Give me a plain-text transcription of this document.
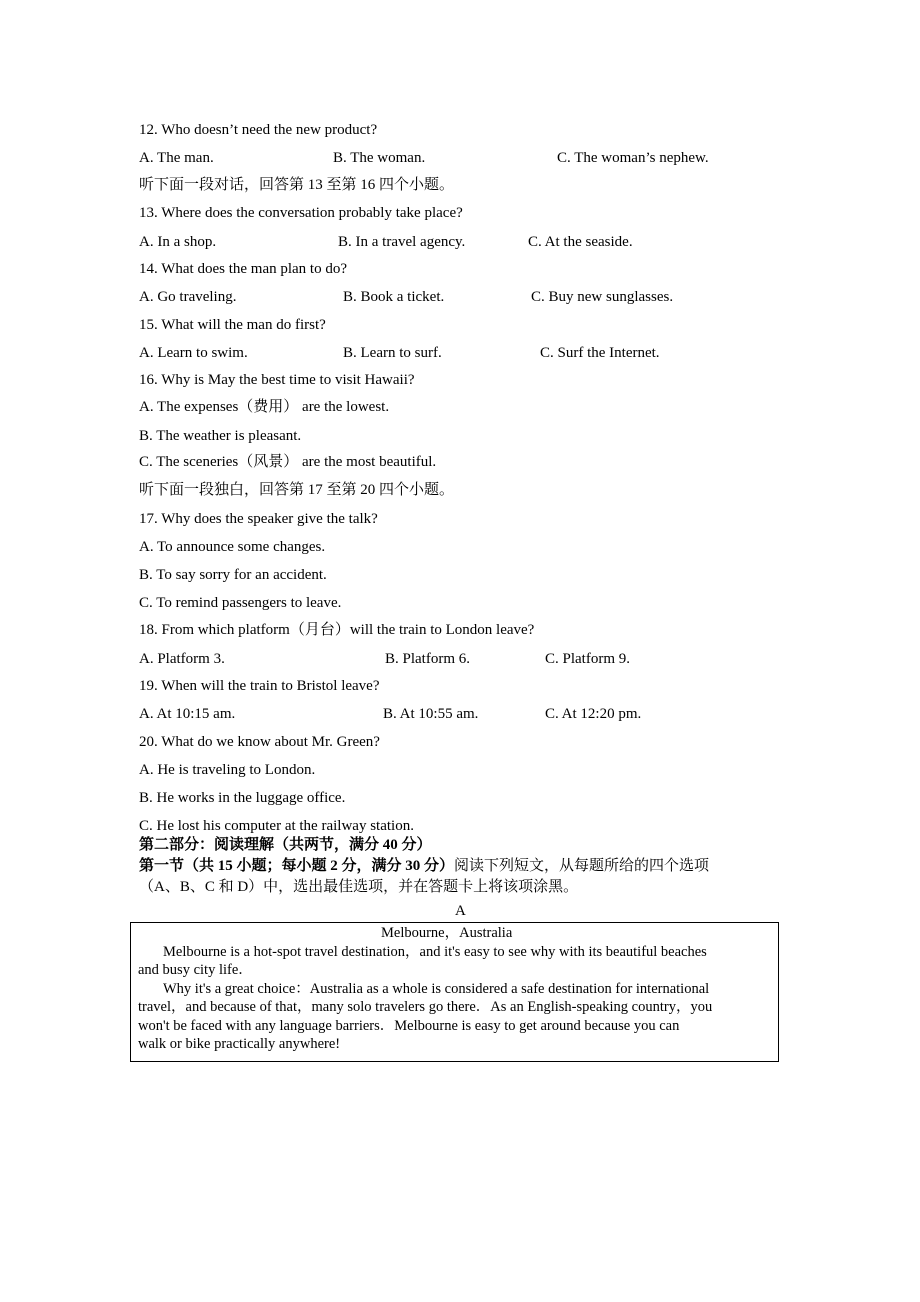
12. Who doesn’t need the new product?
A. The man.	B. The woman.	C. The woman’s nephew.
听下面一段对话，回答第 13 至第 16 四个小题。
13. Where does the conversation probably take place?
A. In a shop.	B. In a travel agency.	C. At the seaside.
14. What does the man plan to do?
A. Go traveling.	B. Book a ticket.	C. Buy new sunglasses.
15. What will the man do first?
A. Learn to swim.	B. Learn to surf.	C. Surf the Internet.
16. Why is May the best time to visit Hawaii?
A. The expenses（费用） are the lowest.
B. The weather is pleasant.
C. The sceneries（风景） are the most beautiful.
听下面一段独白，回答第 17 至第 20 四个小题。
17. Why does the speaker give the talk?
A. To announce some changes.
B. To say sorry for an accident.
C. To remind passengers to leave.
18. From which platform（月台）will the train to London leave?
A. Platform 3.	B. Platform 6.	C. Platform 9.
19. When will the train to Bristol leave?
A. At 10:15 am.	B. At 10:55 am.	C. At 12:20 pm.
20. What do we know about Mr. Green?
A. He is traveling to London.
B. He works in the luggage office.
C. He lost his computer at the railway station.
第二部分：阅读理解（共两节，满分 40 分）
第一节（共 15 小题；每小题 2 分，满分 30 分）阅读下列短文，从每题所给的四个选项
（A、B、C 和 D）中，选出最佳选项，并在答题卡上将该项涂黑。
A
Melbourne，Australia
Melbourne is a hot-spot travel destination，and it's easy to see why with its beautiful beaches
and busy city life．
Why it's a great choice：Australia as a whole is considered a safe destination for international
travel，and because of that，many solo travelers go there．As an English-speaking country，you
won't be faced with any language barriers．Melbourne is easy to get around because you can
walk or bike practically anywhere!
